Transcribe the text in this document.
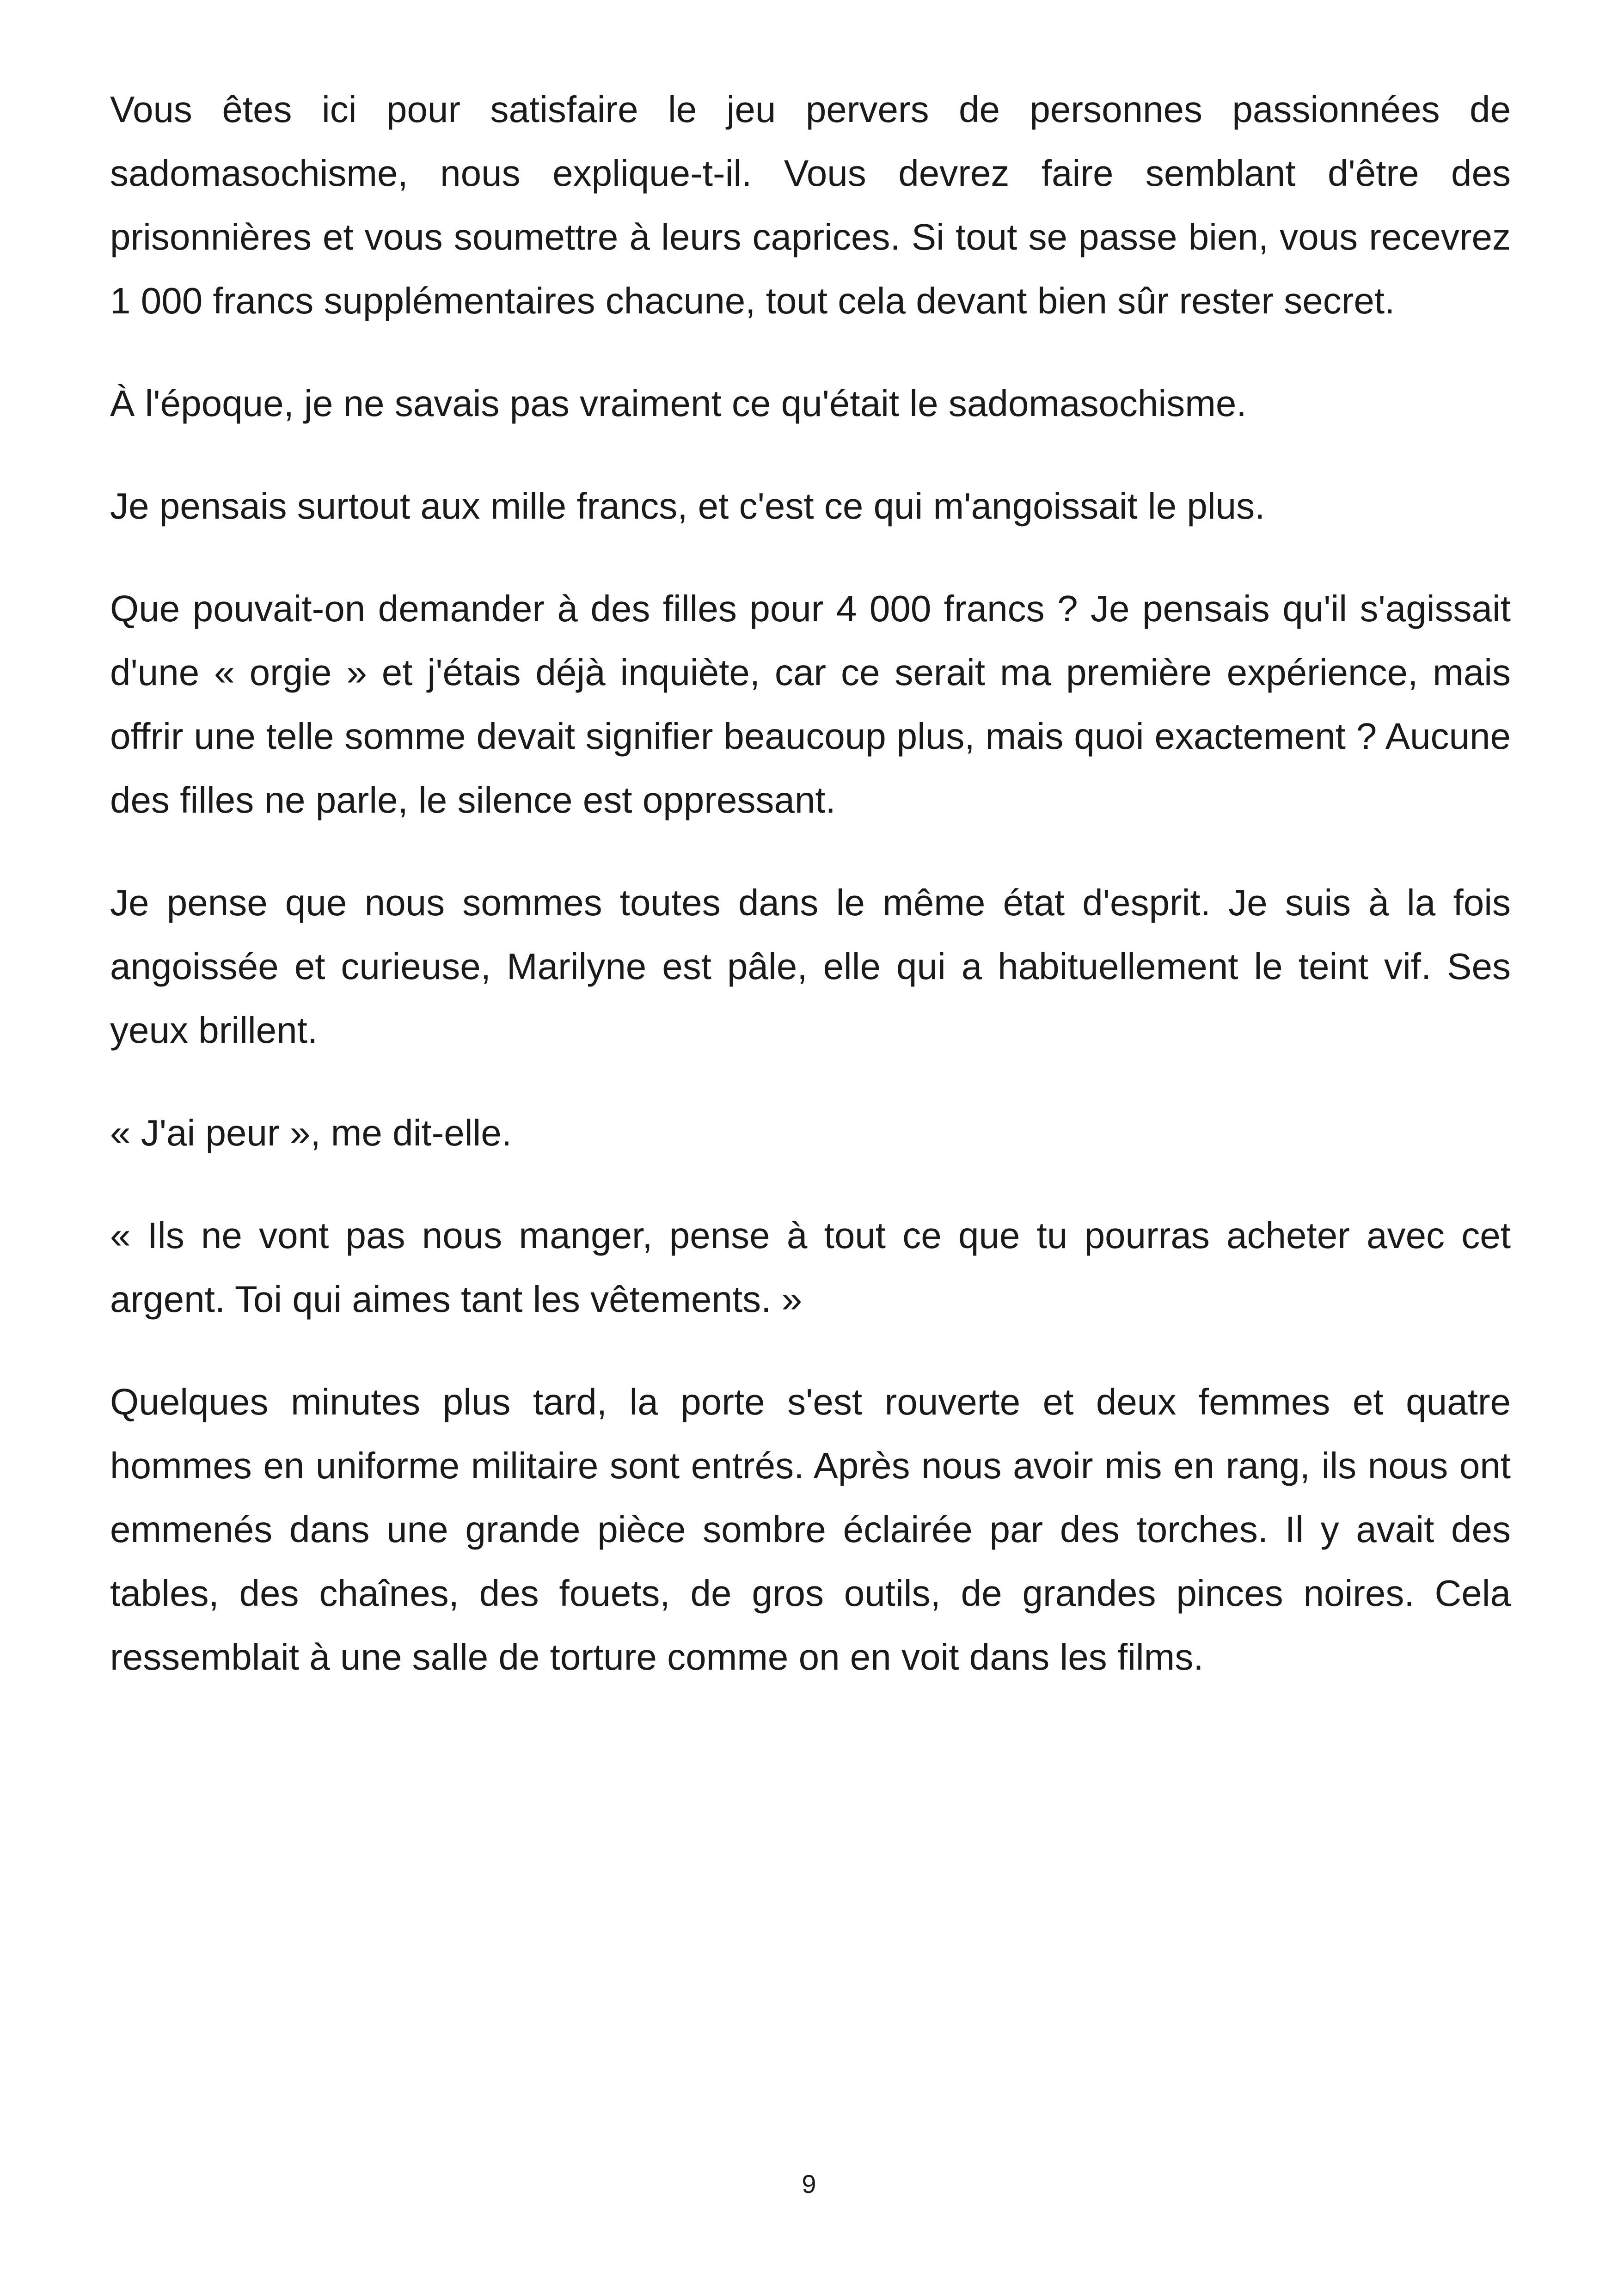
Vous êtes ici pour satisfaire le jeu pervers de personnes passionnées de sadomasochisme, nous explique-t-il. Vous devrez faire semblant d'être des prisonnières et vous soumettre à leurs caprices. Si tout se passe bien, vous recevrez 1 000 francs supplémentaires chacune, tout cela devant bien sûr rester secret.

À l'époque, je ne savais pas vraiment ce qu'était le sadomasochisme.

Je pensais surtout aux mille francs, et c'est ce qui m'angoissait le plus.

Que pouvait-on demander à des filles pour 4 000 francs ? Je pensais qu'il s'agissait d'une « orgie » et j'étais déjà inquiète, car ce serait ma première expérience, mais offrir une telle somme devait signifier beaucoup plus, mais quoi exactement ? Aucune des filles ne parle, le silence est oppressant.

Je pense que nous sommes toutes dans le même état d'esprit. Je suis à la fois angoissée et curieuse, Marilyne est pâle, elle qui a habituellement le teint vif. Ses yeux brillent.

« J'ai peur », me dit-elle.

« Ils ne vont pas nous manger, pense à tout ce que tu pourras acheter avec cet argent. Toi qui aimes tant les vêtements. »

Quelques minutes plus tard, la porte s'est rouverte et deux femmes et quatre hommes en uniforme militaire sont entrés. Après nous avoir mis en rang, ils nous ont emmenés dans une grande pièce sombre éclairée par des torches. Il y avait des tables, des chaînes, des fouets, de gros outils, de grandes pinces noires. Cela ressemblait à une salle de torture comme on en voit dans les films.

9
